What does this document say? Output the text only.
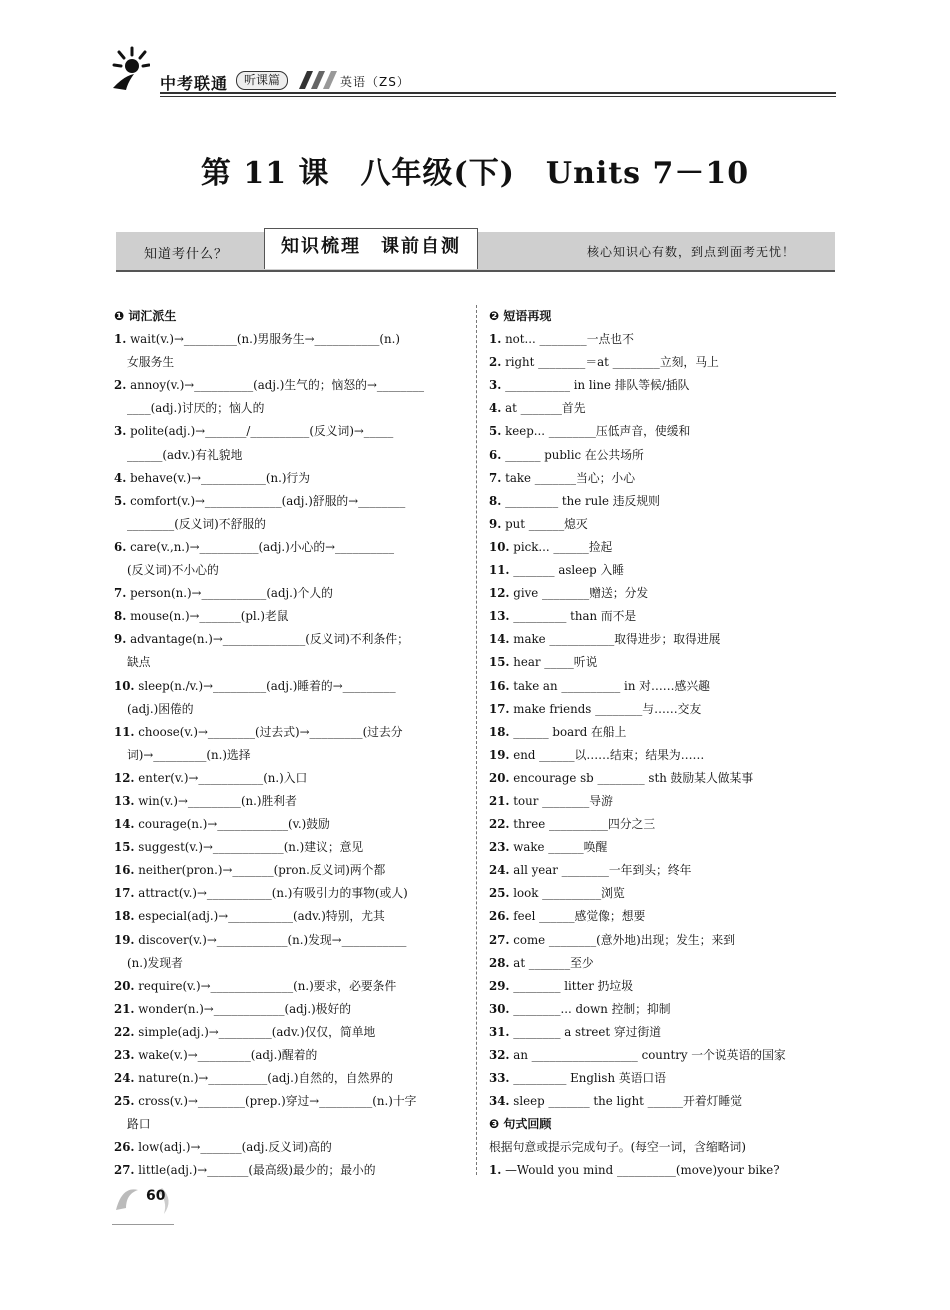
中考联通	听课篇	英语（ZS）
第 11 课　八年级(下)　Units 7－10
知道考什么？	知识梳理　课前自测	核心知识心有数，到点到面考无忧！
❶ 词汇派生
1. wait(v.)→_________(n.)男服务生→___________(n.)
女服务生
2. annoy(v.)→__________(adj.)生气的；恼怒的→________
____(adj.)讨厌的；恼人的
3. polite(adj.)→_______/__________(反义词)→_____
______(adv.)有礼貌地
4. behave(v.)→___________(n.)行为
5. comfort(v.)→_____________(adj.)舒服的→________
________(反义词)不舒服的
6. care(v.,n.)→__________(adj.)小心的→__________
(反义词)不小心的
7. person(n.)→___________(adj.)个人的
8. mouse(n.)→_______(pl.)老鼠
9. advantage(n.)→______________(反义词)不利条件；
缺点
10. sleep(n./v.)→_________(adj.)睡着的→_________
(adj.)困倦的
11. choose(v.)→________(过去式)→_________(过去分
词)→_________(n.)选择
12. enter(v.)→___________(n.)入口
13. win(v.)→_________(n.)胜利者
14. courage(n.)→____________(v.)鼓励
15. suggest(v.)→____________(n.)建议；意见
16. neither(pron.)→_______(pron.反义词)两个都
17. attract(v.)→___________(n.)有吸引力的事物(或人)
18. especial(adj.)→___________(adv.)特别，尤其
19. discover(v.)→____________(n.)发现→___________
(n.)发现者
20. require(v.)→______________(n.)要求，必要条件
21. wonder(n.)→____________(adj.)极好的
22. simple(adj.)→_________(adv.)仅仅，简单地
23. wake(v.)→_________(adj.)醒着的
24. nature(n.)→__________(adj.)自然的，自然界的
25. cross(v.)→________(prep.)穿过→_________(n.)十字
路口
26. low(adj.)→_______(adj.反义词)高的
27. little(adj.)→_______(最高级)最少的；最小的
❷ 短语再现
1. not... ________一点也不
2. right ________＝at ________立刻，马上
3. ___________ in line 排队等候/插队
4. at _______首先
5. keep... ________压低声音，使缓和
6. ______ public 在公共场所
7. take _______当心；小心
8. _________ the rule 违反规则
9. put ______熄灭
10. pick... ______捡起
11. _______ asleep 入睡
12. give ________赠送；分发
13. _________ than 而不是
14. make ___________取得进步；取得进展
15. hear _____听说
16. take an __________ in 对……感兴趣
17. make friends ________与……交友
18. ______ board 在船上
19. end ______以……结束；结果为……
20. encourage sb ________ sth 鼓励某人做某事
21. tour ________导游
22. three __________四分之三
23. wake ______唤醒
24. all year ________一年到头；终年
25. look __________浏览
26. feel ______感觉像；想要
27. come ________(意外地)出现；发生；来到
28. at _______至少
29. ________ litter 扔垃圾
30. ________... down 控制；抑制
31. ________ a street 穿过街道
32. an __________________ country 一个说英语的国家
33. _________ English 英语口语
34. sleep _______ the light ______开着灯睡觉
❸ 句式回顾
根据句意或提示完成句子。(每空一词，含缩略词)
1. —Would you mind __________(move)your bike?
60
